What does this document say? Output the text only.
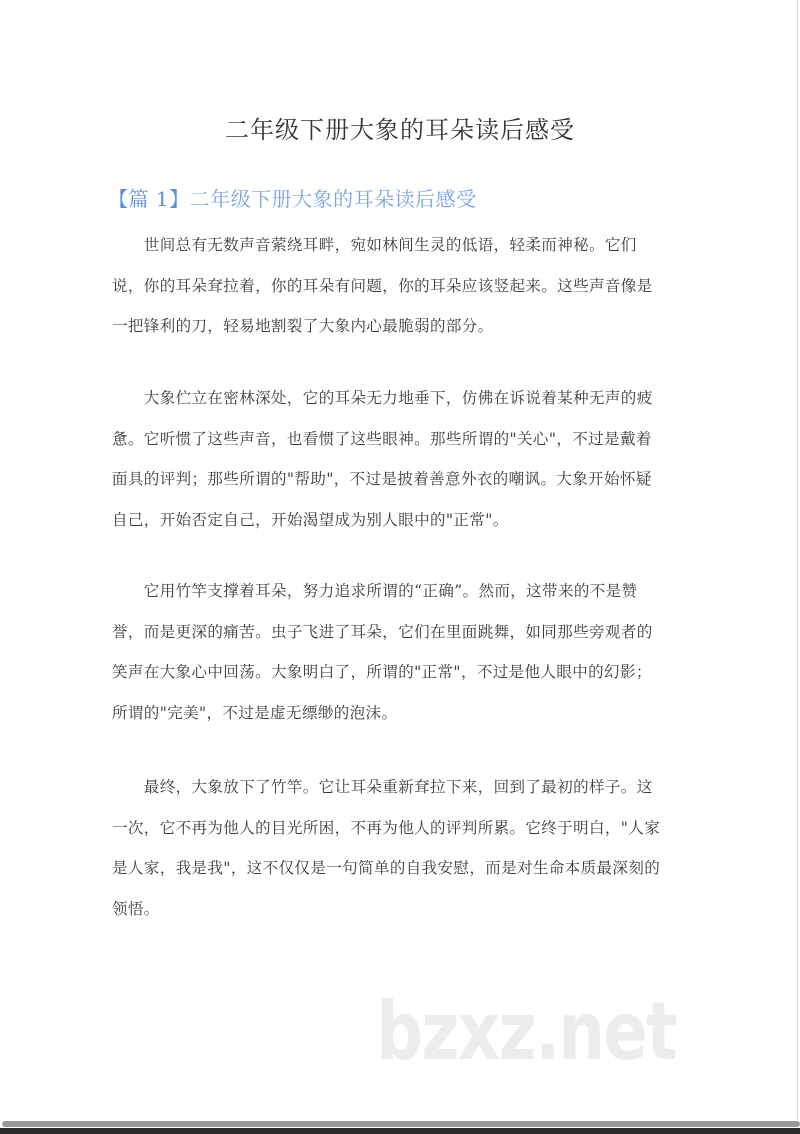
二年级下册大象的耳朵读后感受
【篇 1】二年级下册大象的耳朵读后感受
　　世间总有无数声音萦绕耳畔，宛如林间生灵的低语，轻柔而神秘。它们
说，你的耳朵耷拉着，你的耳朵有问题，你的耳朵应该竖起来。这些声音像是
一把锋利的刀，轻易地割裂了大象内心最脆弱的部分。
　　大象伫立在密林深处，它的耳朵无力地垂下，仿佛在诉说着某种无声的疲
惫。它听惯了这些声音，也看惯了这些眼神。那些所谓的"关心"，不过是戴着
面具的评判；那些所谓的"帮助"，不过是披着善意外衣的嘲讽。大象开始怀疑
自己，开始否定自己，开始渴望成为别人眼中的"正常"。
　　它用竹竿支撑着耳朵，努力追求所谓的“正确”。然而，这带来的不是赞
誉，而是更深的痛苦。虫子飞进了耳朵，它们在里面跳舞，如同那些旁观者的
笑声在大象心中回荡。大象明白了，所谓的"正常"，不过是他人眼中的幻影；
所谓的"完美"，不过是虚无缥缈的泡沫。
　　最终，大象放下了竹竿。它让耳朵重新耷拉下来，回到了最初的样子。这
一次，它不再为他人的目光所困，不再为他人的评判所累。它终于明白，"人家
是人家，我是我"，这不仅仅是一句简单的自我安慰，而是对生命本质最深刻的
领悟。
bzxz.net
